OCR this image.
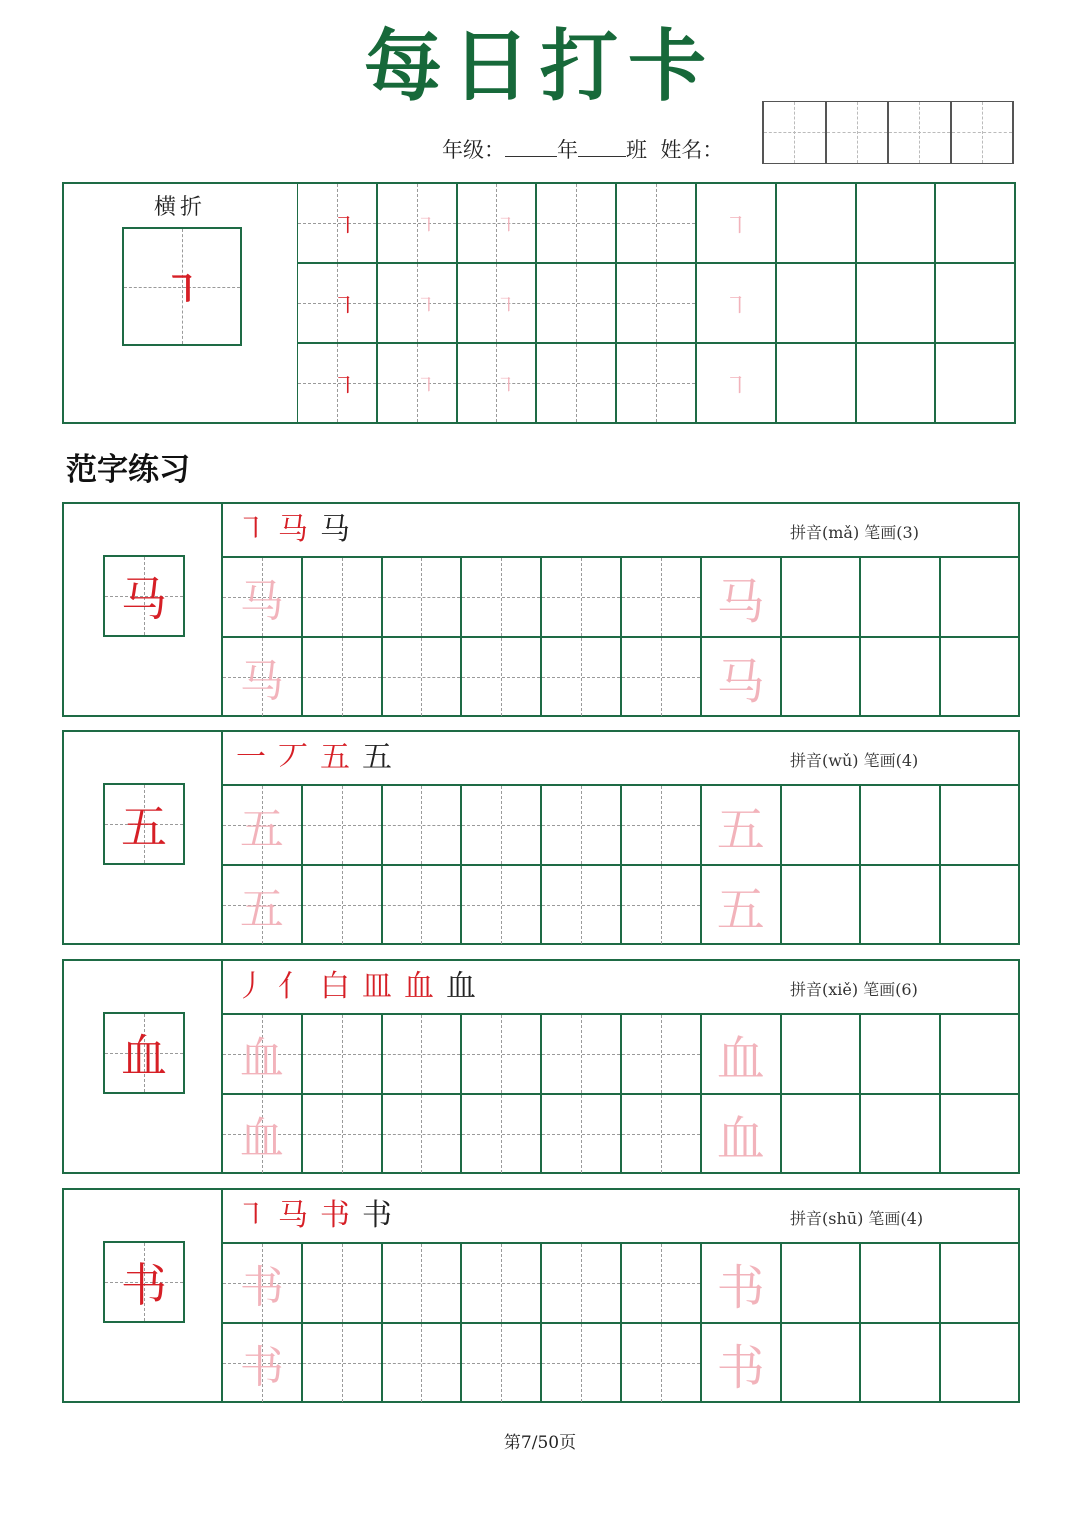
每日打卡
年级： 年 班 姓名：
横折
㇕
㇕	㇕	㇕	㇕
㇕	㇕	㇕	㇕
㇕	㇕	㇕	㇕
范字练习
马
㇕ 马 马	拼音(mǎ) 笔画(3)
马	马
马	马
五
一 丆 五 五	拼音(wǔ) 笔画(4)
五	五
五	五
血
丿 亻 白 皿 血 血	拼音(xiě) 笔画(6)
血	血
血	血
书
㇕ 马 书 书	拼音(shū) 笔画(4)
书	书
书	书
第7/50页
